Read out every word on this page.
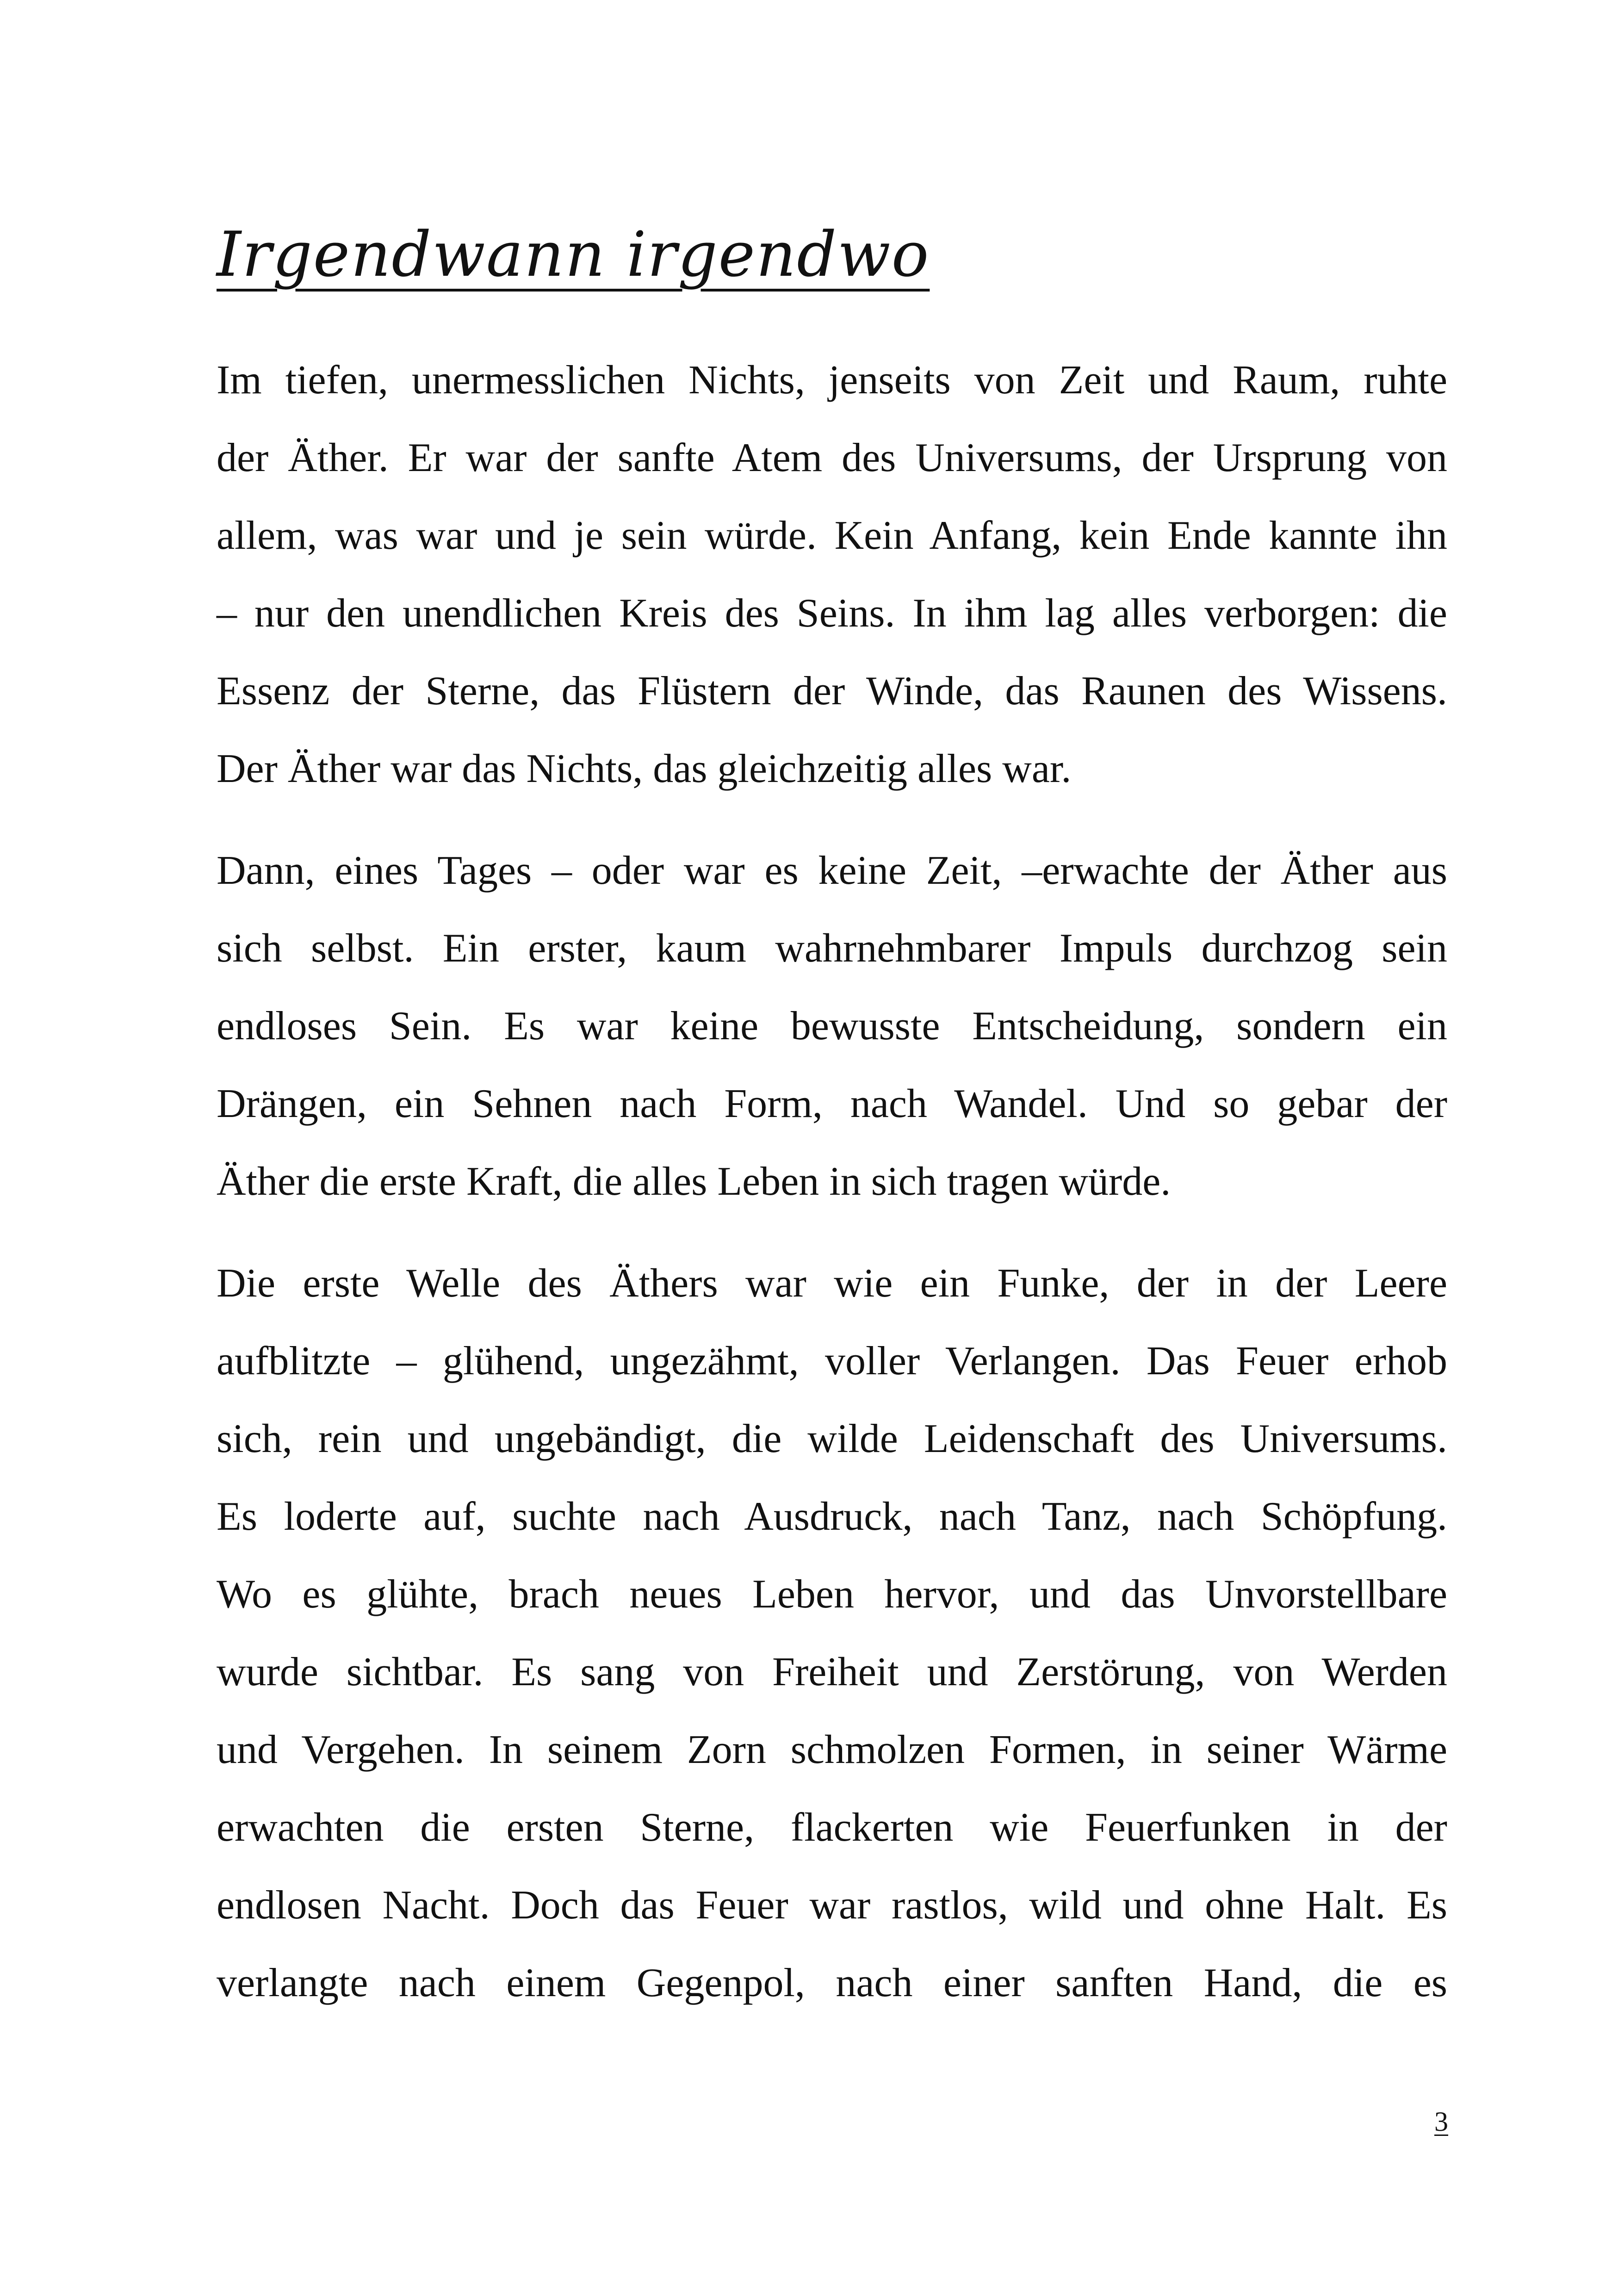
Irgendwann irgendwo

Im tiefen, unermesslichen Nichts, jenseits von Zeit und Raum, ruhte
der Äther. Er war der sanfte Atem des Universums, der Ursprung von
allem, was war und je sein würde. Kein Anfang, kein Ende kannte ihn
– nur den unendlichen Kreis des Seins. In ihm lag alles verborgen: die
Essenz der Sterne, das Flüstern der Winde, das Raunen des Wissens.
Der Äther war das Nichts, das gleichzeitig alles war.

Dann, eines Tages – oder war es keine Zeit, –erwachte der Äther aus
sich selbst. Ein erster, kaum wahrnehmbarer Impuls durchzog sein
endloses Sein. Es war keine bewusste Entscheidung, sondern ein
Drängen, ein Sehnen nach Form, nach Wandel. Und so gebar der
Äther die erste Kraft, die alles Leben in sich tragen würde.

Die erste Welle des Äthers war wie ein Funke, der in der Leere
aufblitzte – glühend, ungezähmt, voller Verlangen. Das Feuer erhob
sich, rein und ungebändigt, die wilde Leidenschaft des Universums.
Es loderte auf, suchte nach Ausdruck, nach Tanz, nach Schöpfung.
Wo es glühte, brach neues Leben hervor, und das Unvorstellbare
wurde sichtbar. Es sang von Freiheit und Zerstörung, von Werden
und Vergehen. In seinem Zorn schmolzen Formen, in seiner Wärme
erwachten die ersten Sterne, flackerten wie Feuerfunken in der
endlosen Nacht. Doch das Feuer war rastlos, wild und ohne Halt. Es
verlangte nach einem Gegenpol, nach einer sanften Hand, die es

3
